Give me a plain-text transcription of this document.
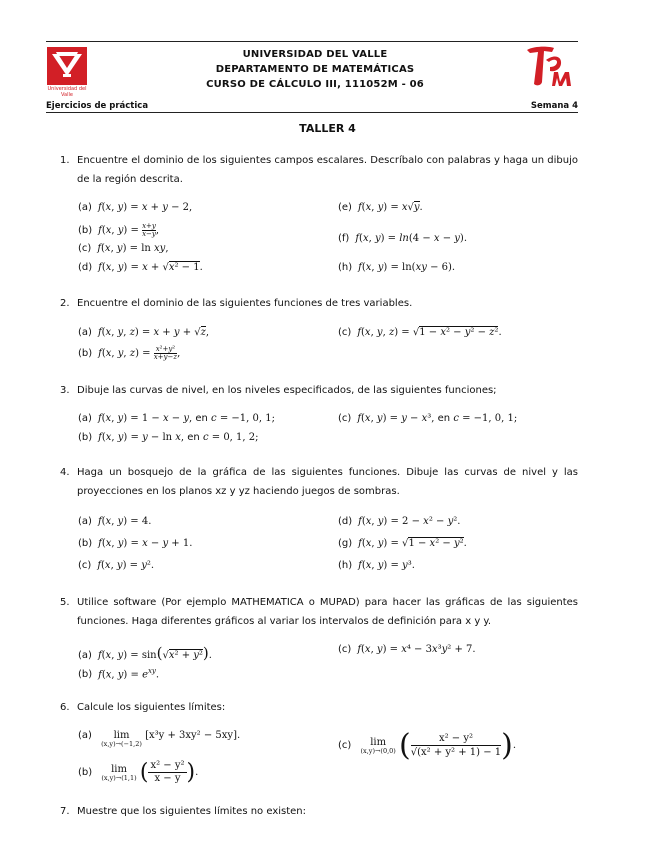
Universidad del Valle
UNIVERSIDAD DEL VALLE
DEPARTAMENTO DE MATEMÁTICAS
CURSO DE CÁLCULO III, 111052M - 06
Ejercicios de práctica	Semana 4
TALLER 4
1. Encuentre el dominio de los siguientes campos escalares. Descríbalo con palabras y haga un dibujo de la región descrita.
(a) f(x, y) = x + y − 2,
(b) f(x, $y) = \frac{x+y}{x-y}$ ,
(c) f(x, y) = ln xy,
(d) f(x, y) = x + √x² − 1.
(e) f(x, y) = x√y.
(f) f(x, y) = ln(4 − x − y).
(h) f(x, y) = ln(xy − 6).
2. Encuentre el dominio de las siguientes funciones de tres variables.
(a) f(x, y, z) = x + y + √z,
(b) f(x, y, $z) = \frac{\text{x²+y²}}{x+y-z}$ ,
(c) f(x, y, z) = √1 − x² − y² − z².
3. Dibuje las curvas de nivel, en los niveles especificados, de las siguientes funciones;
(a) f(x, y) = 1 − x − y, en c = −1, 0, 1;
(b) f(x, y) = y − ln x, en c = 0, 1, 2;
(c) f(x, y) = y − x³, en c = −1, 0, 1;
4. Haga un bosquejo de la gráfica de las siguientes funciones. Dibuje las curvas de nivel y las proyecciones en los planos xz y yz haciendo juegos de sombras.
(a) f(x, y) = 4.
(b) f(x, y) = x − y + 1.
(c) f(x, y) = y².
(d) f(x, y) = 2 − x² − y².
(g) f(x, y) = √1 − x² − y².
(h) f(x, y) = y³.
5. Utilice software (Por ejemplo MATHEMATICA o MUPAD) para hacer las gráficas de las siguientes funciones. Haga diferentes gráficos al variar los intervalos de definición para x y y.
(a) f(x, y) = sin(√x² + y²).
(b) f(x, $y) = e^{xy}$.
(c) f(x, y) = x⁴ − 3x³y² + 7.
6. Calcule los siguientes límites:
(a)	lim
(x,y)→(−1,2)
[x³y + 3xy² − 5xy].
(b)	lim
(x,y)→(1,1) ( $\frac{\text{x² − y²}}{x - y}$ ).
(c)	lim
(x,y)→(0,0) ( $\frac{\text{x² − y²}}{\text{√(x² + y² + 1) − 1}}$ ).
7. Muestre que los siguientes límites no existen:
